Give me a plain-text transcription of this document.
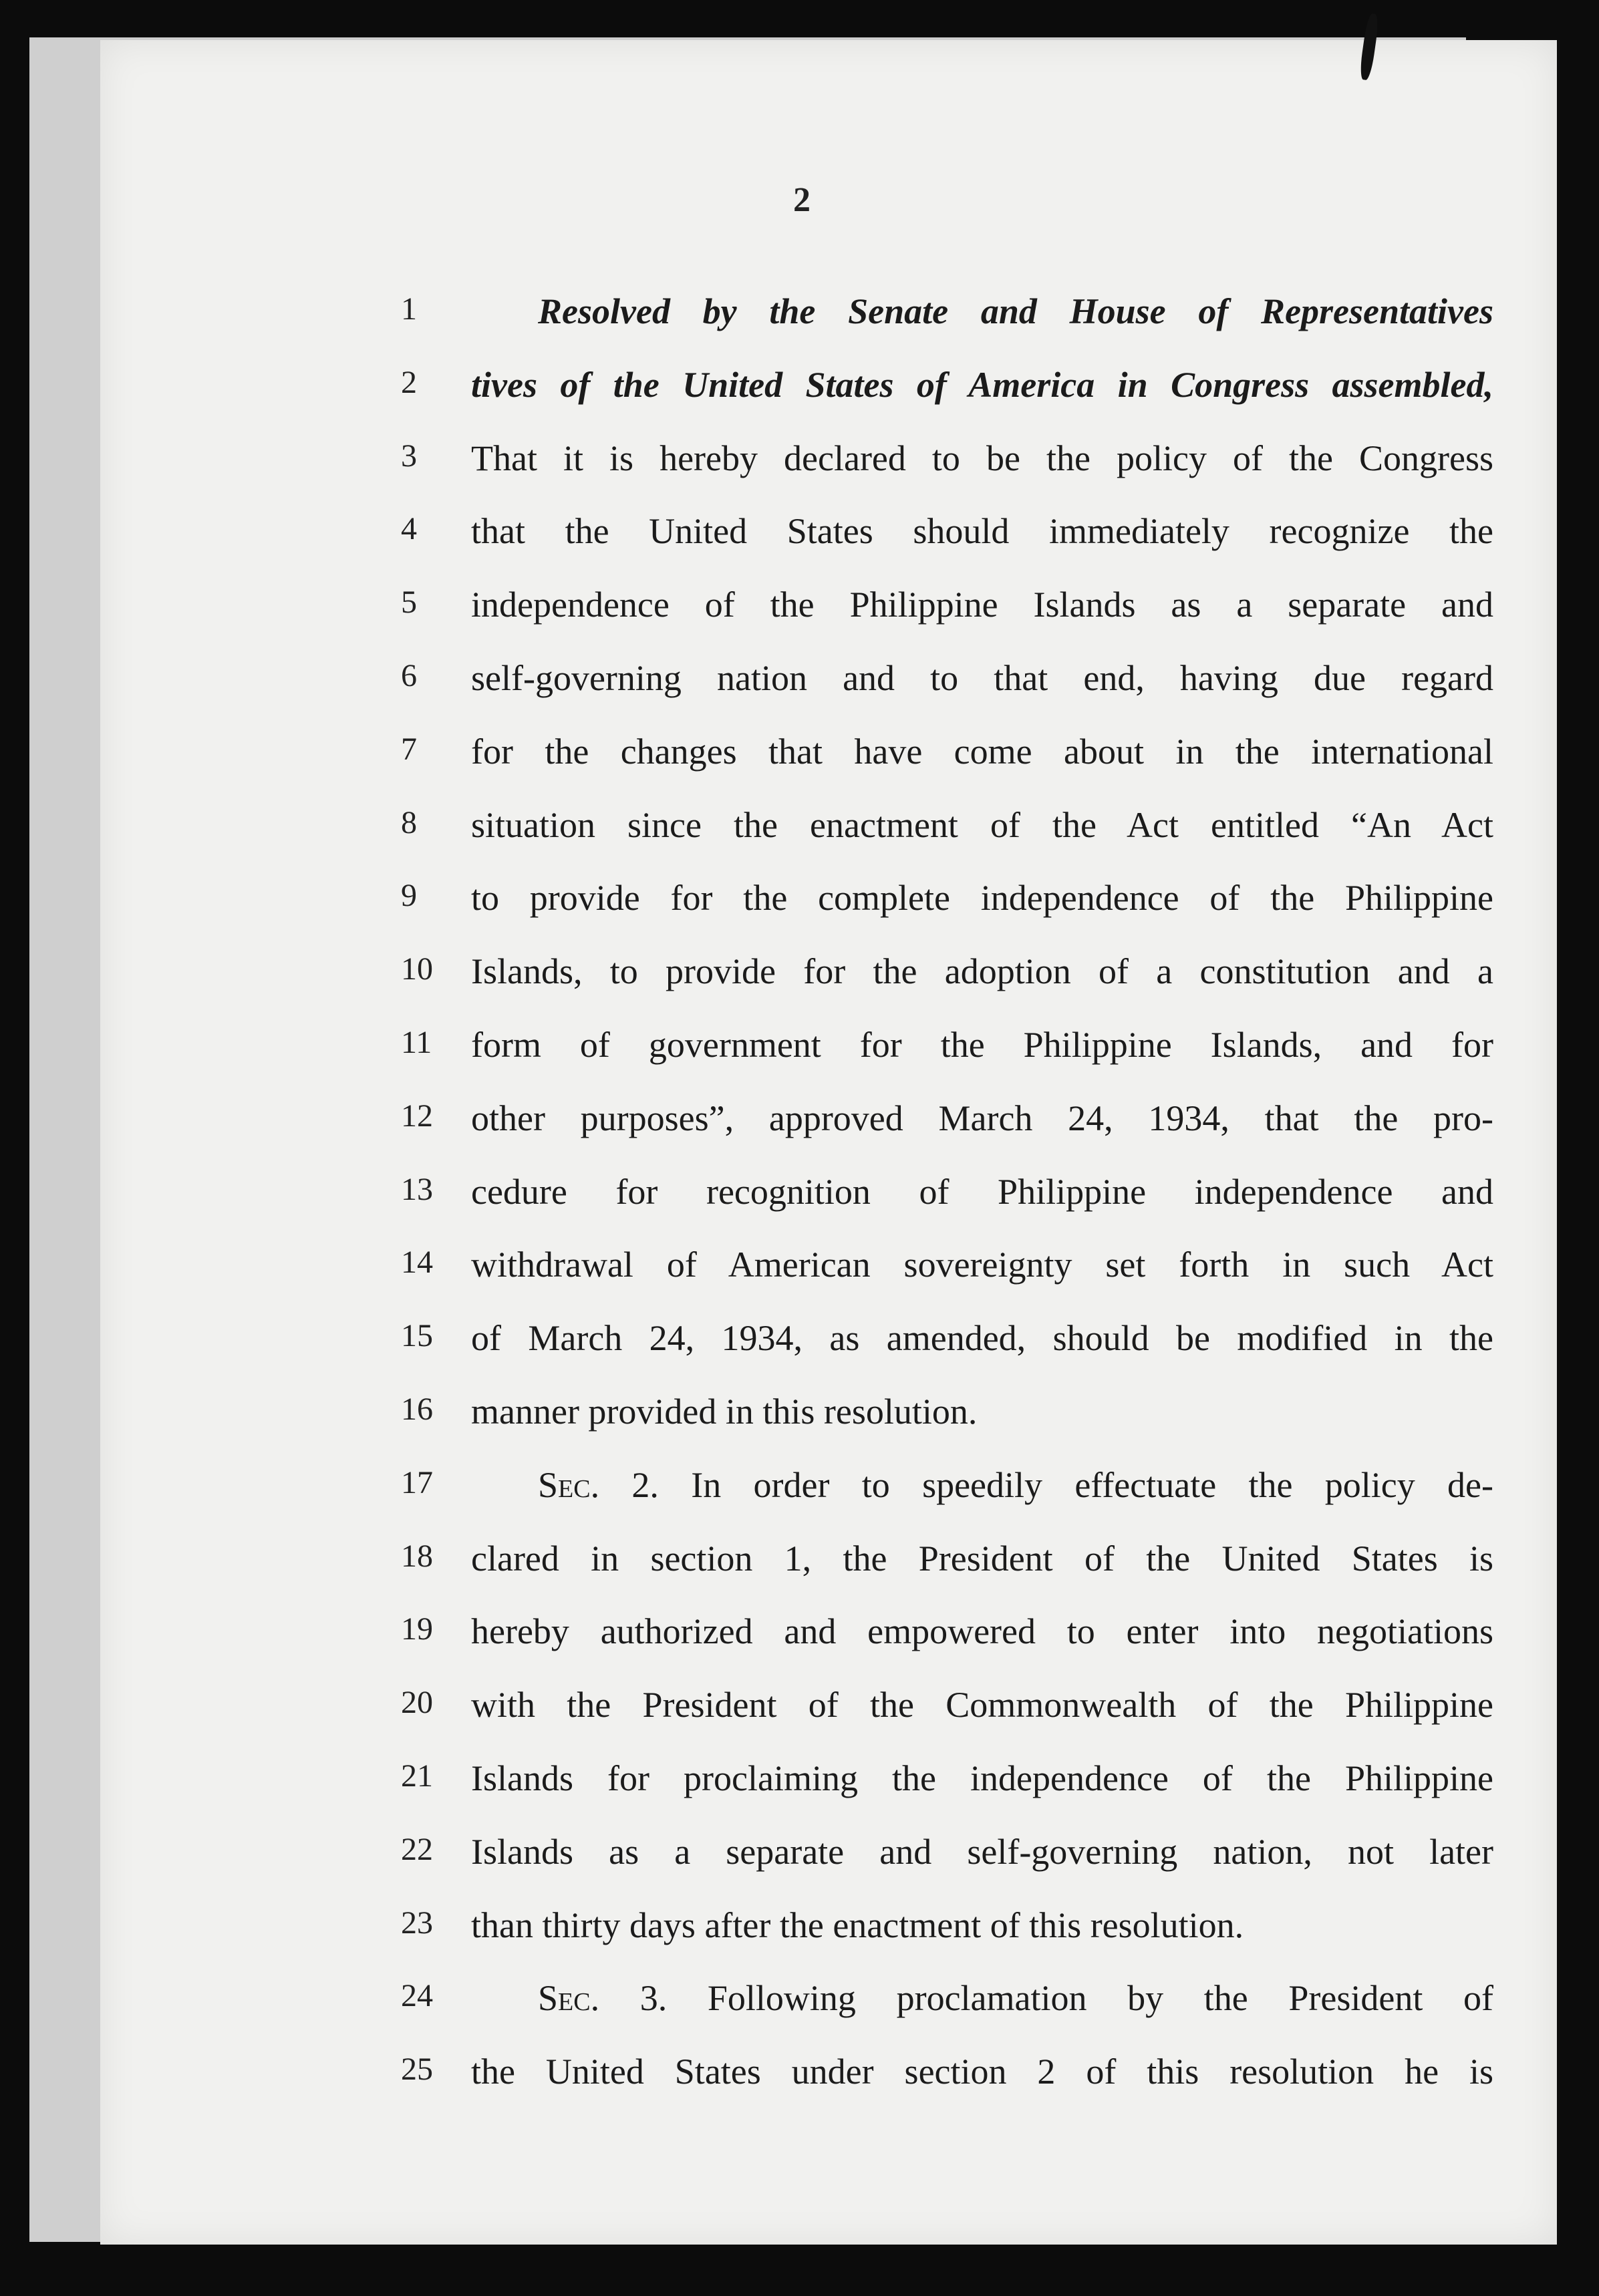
2
1	Resolved by the Senate and House of Representatives
2	tives of the United States of America in Congress assembled,
3	That it is hereby declared to be the policy of the Congress
4	that the United States should immediately recognize the
5	independence of the Philippine Islands as a separate and
6	self-governing nation and to that end, having due regard
7	for the changes that have come about in the international
8	situation since the enactment of the Act entitled “An Act
9	to provide for the complete independence of the Philippine
10	Islands, to provide for the adoption of a constitution and a
11	form of government for the Philippine Islands, and for
12	other purposes”, approved March 24, 1934, that the pro-
13	cedure for recognition of Philippine independence and
14	withdrawal of American sovereignty set forth in such Act
15	of March 24, 1934, as amended, should be modified in the
16	manner provided in this resolution.
17	Sec. 2. In order to speedily effectuate the policy de-
18	clared in section 1, the President of the United States is
19	hereby authorized and empowered to enter into negotiations
20	with the President of the Commonwealth of the Philippine
21	Islands for proclaiming the independence of the Philippine
22	Islands as a separate and self-governing nation, not later
23	than thirty days after the enactment of this resolution.
24	Sec. 3. Following proclamation by the President of
25	the United States under section 2 of this resolution he is
